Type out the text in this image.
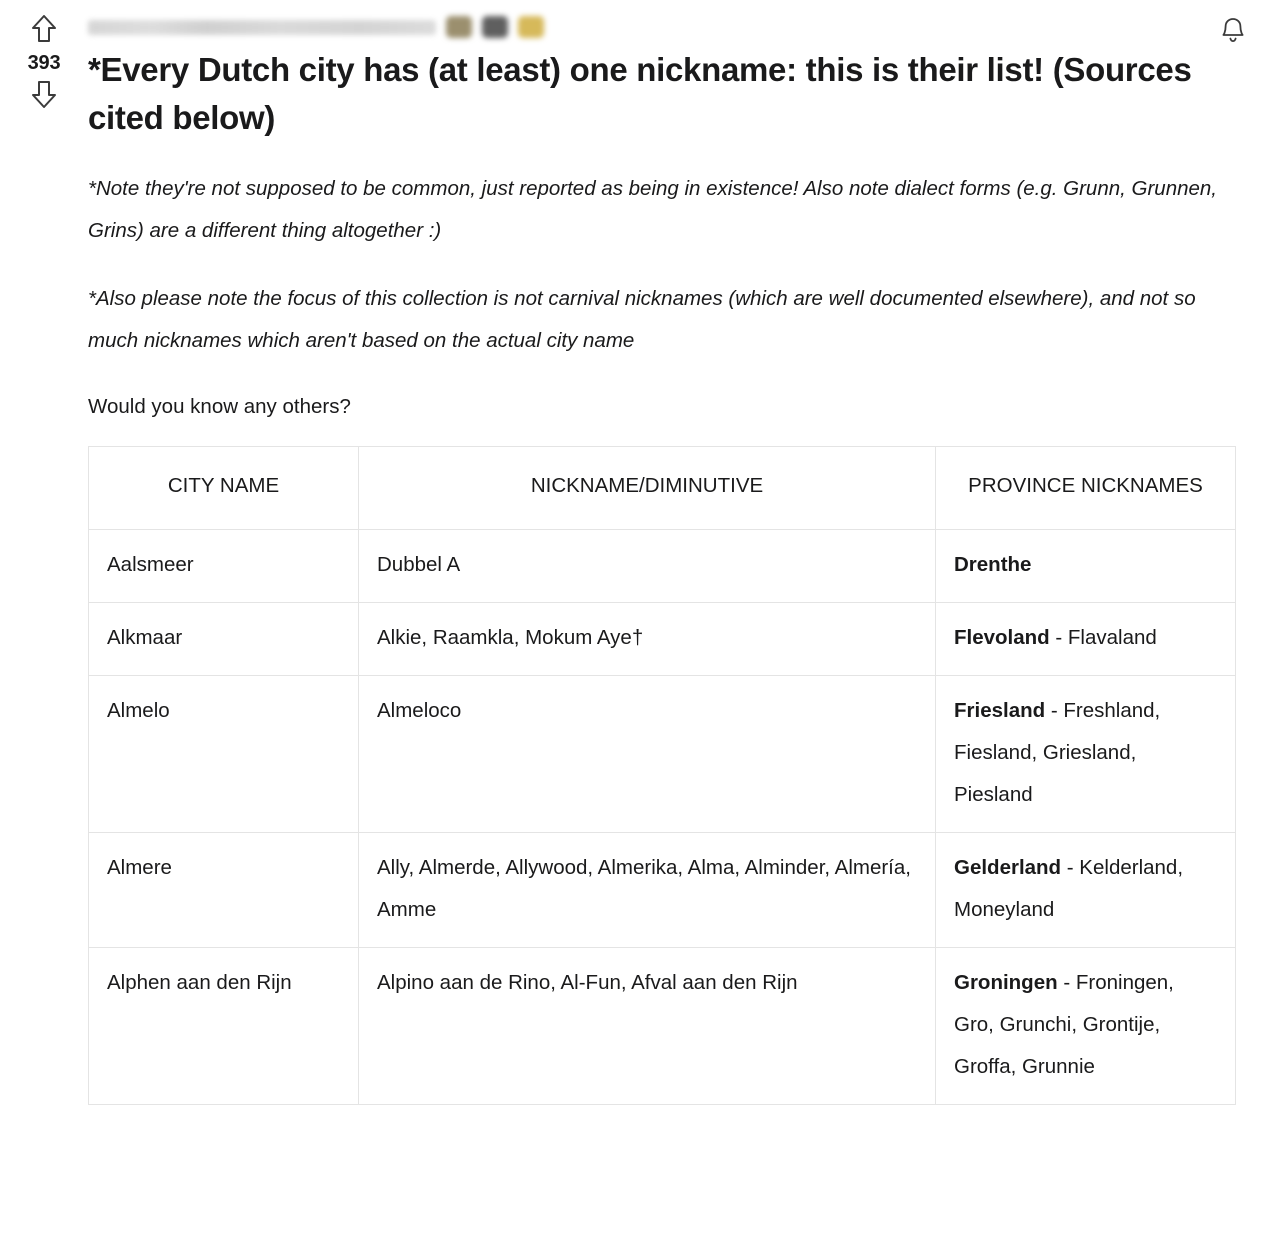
393 *Every Dutch city has (at least) one nickname: this is their list! (Sources cited below)

*Note they're not supposed to be common, just reported as being in existence! Also note dialect forms (e.g. Grunn, Grunnen, Grins) are a different thing altogether :)

*Also please note the focus of this collection is not carnival nicknames (which are well documented elsewhere), and not so much nicknames which aren't based on the actual city name

Would you know any others?

CITY NAME	NICKNAME/DIMINUTIVE	PROVINCE NICKNAMES
Aalsmeer	Dubbel A	Drenthe
Alkmaar	Alkie, Raamkla, Mokum Aye†	Flevoland - Flavaland
Almelo	Almeloco	Friesland - Freshland, Fiesland, Griesland, Piesland
Almere	Ally, Almerde, Allywood, Almerika, Alma, Alminder, Almería, Amme	Gelderland - Kelderland, Moneyland
Alphen aan den Rijn	Alpino aan de Rino, Al-Fun, Afval aan den Rijn	Groningen - Froningen, Gro, Grunchi, Grontije, Groffa, Grunnie
